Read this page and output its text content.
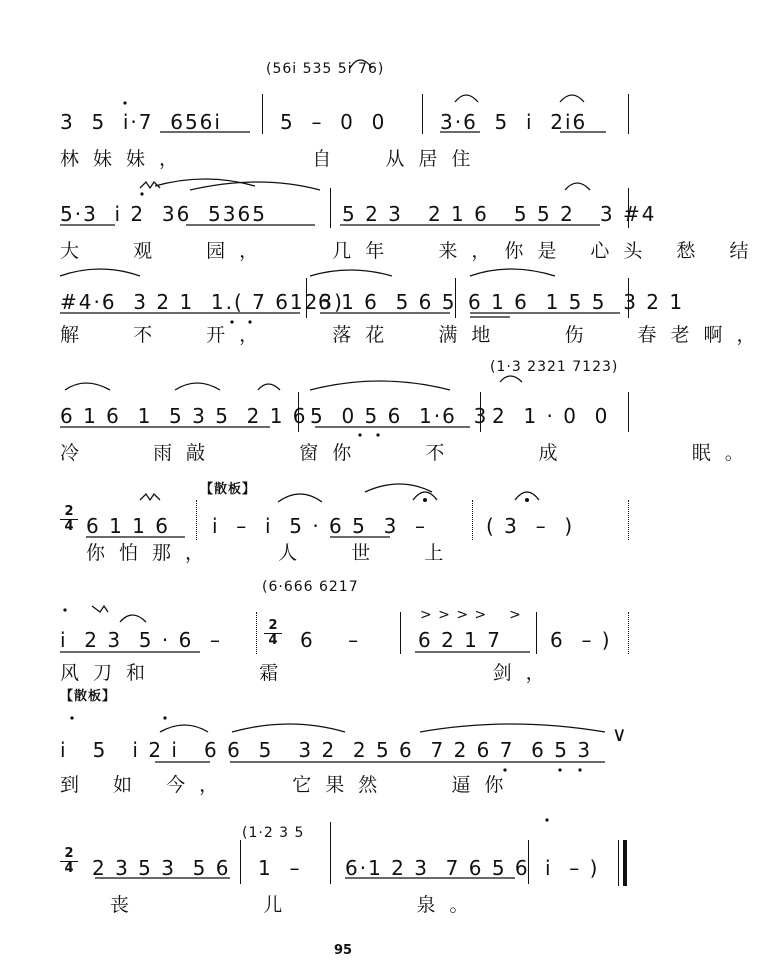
(56i 535 5i 76)
3  5  i·7  656i	5  –  0  0	3·6  5  i  2i6
林妹妹，      自  从居住
5·3  i 2  36  5365	5 2 3   2 1 6   5 5 2   3 #4
大  观  园，   几年  来，你是 心头 愁 结
#4·6  3 2 1  1.( 7 6123)
6 1 6  5 6 5 6 1 6  1 5 5  3 2 1
解  不  开，   落花  满地   伤  春老啊，
(1·3 2321 7123)
6 1 6  1  5 3 5  2 1 6 5  0 5 6  1·6  3 2  1 · 0  0
冷   雨敲    窗你   不    成      眠。
【散板】
2
4 6 1 1 6 i  –  i  5 · 6 5  3  –	( 3  –  )
你怕那，   人  世  上
(6·666 6217
i  2 3  5 · 6  –
2
4 6    –
> > > >    >
6 2 1 7 6  – )
风刀和     霜          剑，
【散板】
i   5   i 2 i   6 6  5   3 2  2 5 6  7 2 6 7  6 5 3
∨
到 如 今，   它果然   逼你
(1·2 3 5
2
4 2 3 5 3  5 6 1  – 6·1 2 3  7 6 5 6 i  – )
丧      儿      泉。
95
